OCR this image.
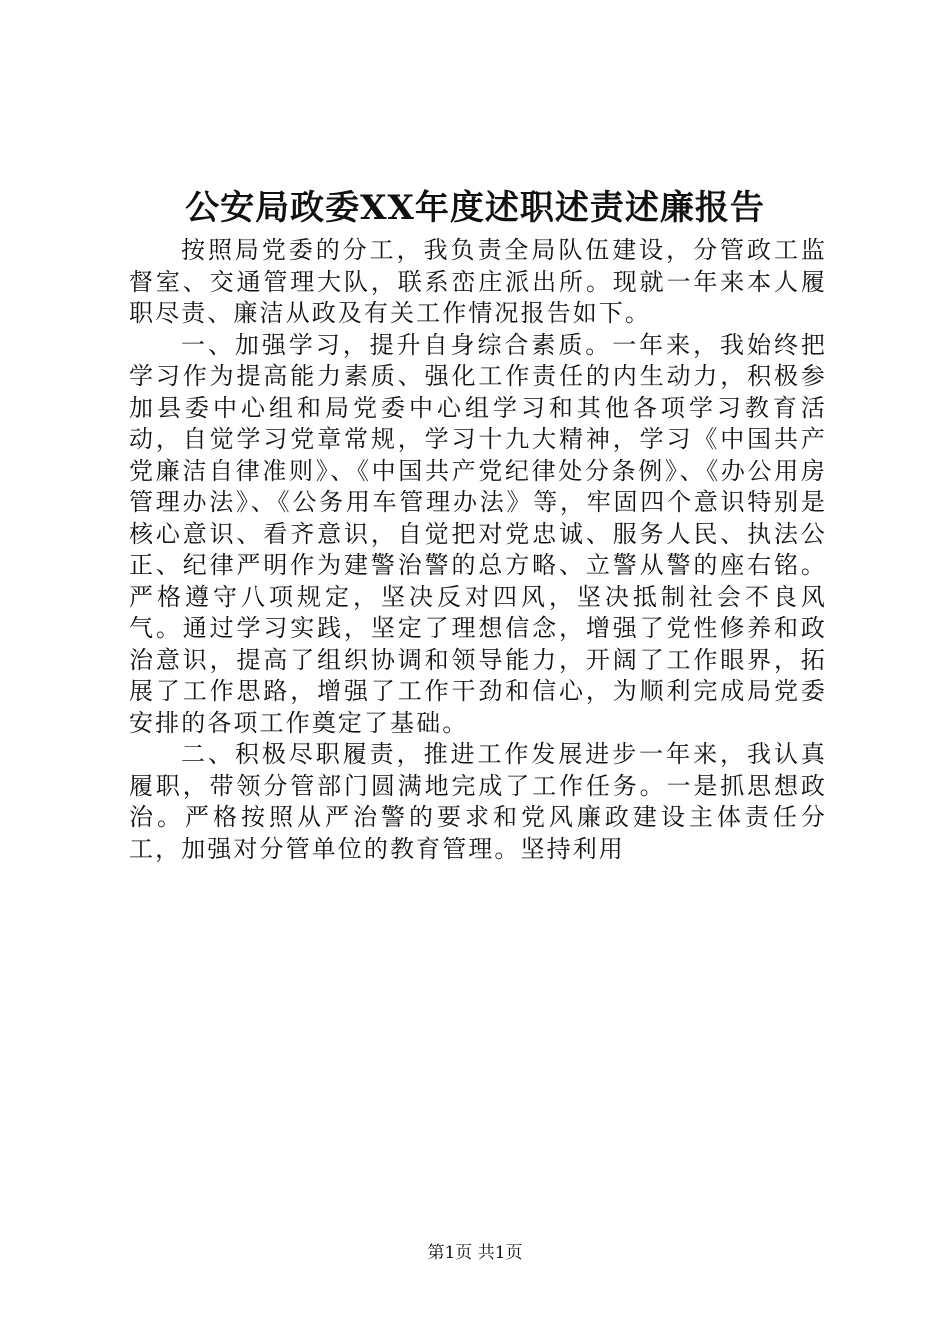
公安局政委XX年度述职述责述廉报告

按照局党委的分工，我负责全局队伍建设，分管政工监督室、交通管理大队，联系峦庄派出所。现就一年来本人履职尽责、廉洁从政及有关工作情况报告如下。

一、加强学习，提升自身综合素质。一年来，我始终把学习作为提高能力素质、强化工作责任的内生动力，积极参加县委中心组和局党委中心组学习和其他各项学习教育活动，自觉学习党章常规，学习十九大精神，学习《中国共产党廉洁自律准则》、《中国共产党纪律处分条例》、《办公用房管理办法》、《公务用车管理办法》等，牢固四个意识特别是核心意识、看齐意识，自觉把对党忠诚、服务人民、执法公正、纪律严明作为建警治警的总方略、立警从警的座右铭。严格遵守八项规定，坚决反对四风，坚决抵制社会不良风气。通过学习实践，坚定了理想信念，增强了党性修养和政治意识，提高了组织协调和领导能力，开阔了工作眼界，拓展了工作思路，增强了工作干劲和信心，为顺利完成局党委安排的各项工作奠定了基础。

二、积极尽职履责，推进工作发展进步一年来，我认真履职，带领分管部门圆满地完成了工作任务。一是抓思想政治。严格按照从严治警的要求和党风廉政建设主体责任分工，加强对分管单位的教育管理。坚持利用

第1页 共1页
